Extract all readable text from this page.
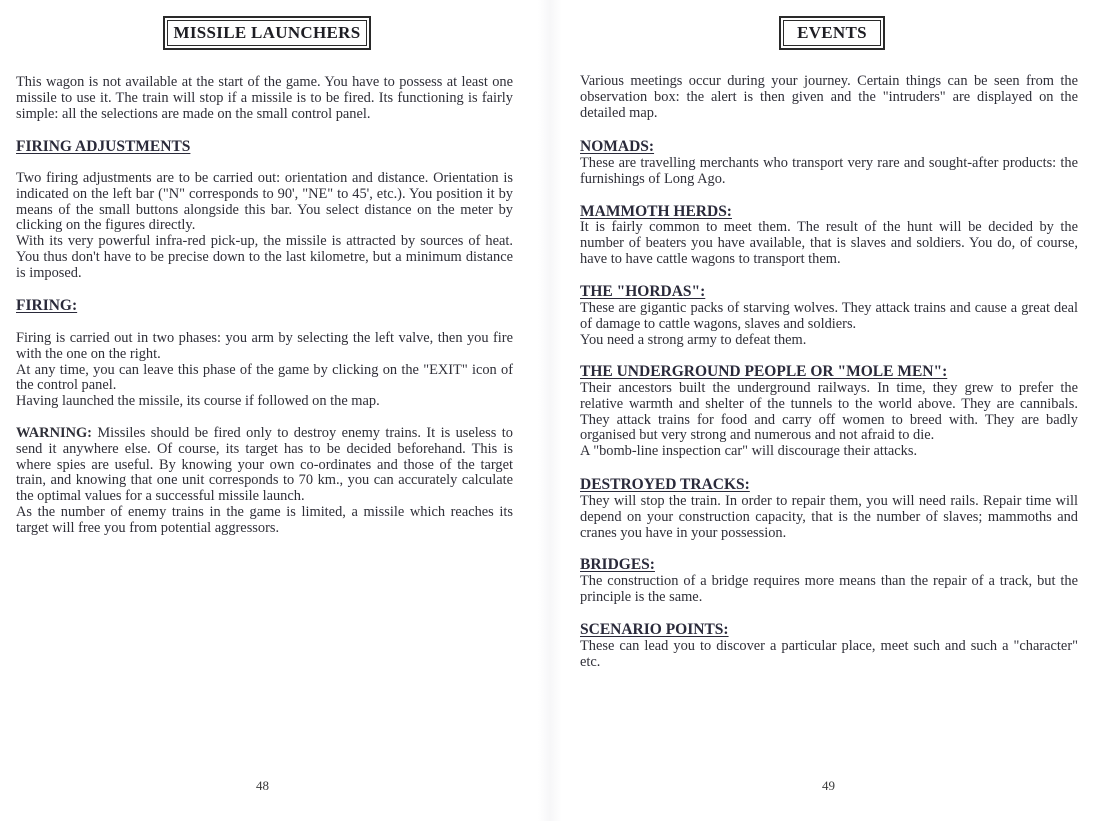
MISSILE LAUNCHERS

This wagon is not available at the start of the game. You have to possess at least one missile to use it. The train will stop if a missile is to be fired. Its functioning is fairly simple: all the selections are made on the small control panel.

FIRING ADJUSTMENTS

Two firing adjustments are to be carried out: orientation and distance. Orientation is indicated on the left bar ("N" corresponds to 90', "NE" to 45', etc.). You position it by means of the small buttons alongside this bar. You select distance on the meter by clicking on the figures directly.

With its very powerful infra-red pick-up, the missile is attracted by sources of heat. You thus don't have to be precise down to the last kilometre, but a minimum distance is imposed.

FIRING:

Firing is carried out in two phases: you arm by selecting the left valve, then you fire with the one on the right.

At any time, you can leave this phase of the game by clicking on the "EXIT" icon of the control panel.

Having launched the missile, its course if followed on the map.

WARNING: Missiles should be fired only to destroy enemy trains. It is useless to send it anywhere else. Of course, its target has to be decided beforehand. This is where spies are useful. By knowing your own co-ordinates and those of the target train, and knowing that one unit corresponds to 70 km., you can accurately calculate the optimal values for a successful missile launch.

As the number of enemy trains in the game is limited, a missile which reaches its target will free you from potential aggressors.

48
EVENTS

Various meetings occur during your journey. Certain things can be seen from the observation box: the alert is then given and the "intruders" are displayed on the detailed map.

NOMADS:

These are travelling merchants who transport very rare and sought-after products: the furnishings of Long Ago.

MAMMOTH HERDS:

It is fairly common to meet them. The result of the hunt will be decided by the number of beaters you have available, that is slaves and soldiers. You do, of course, have to have cattle wagons to transport them.

THE "HORDAS":

These are gigantic packs of starving wolves. They attack trains and cause a great deal of damage to cattle wagons, slaves and soldiers.

You need a strong army to defeat them.

THE UNDERGROUND PEOPLE OR "MOLE MEN":

Their ancestors built the underground railways. In time, they grew to prefer the relative warmth and shelter of the tunnels to the world above. They are cannibals. They attack trains for food and carry off women to breed with. They are badly organised but very strong and numerous and not afraid to die.

A "bomb-line inspection car" will discourage their attacks.

DESTROYED TRACKS:

They will stop the train. In order to repair them, you will need rails. Repair time will depend on your construction capacity, that is the number of slaves; mammoths and cranes you have in your possession.

BRIDGES:

The construction of a bridge requires more means than the repair of a track, but the principle is the same.

SCENARIO POINTS:

These can lead you to discover a particular place, meet such and such a "character" etc.

49
